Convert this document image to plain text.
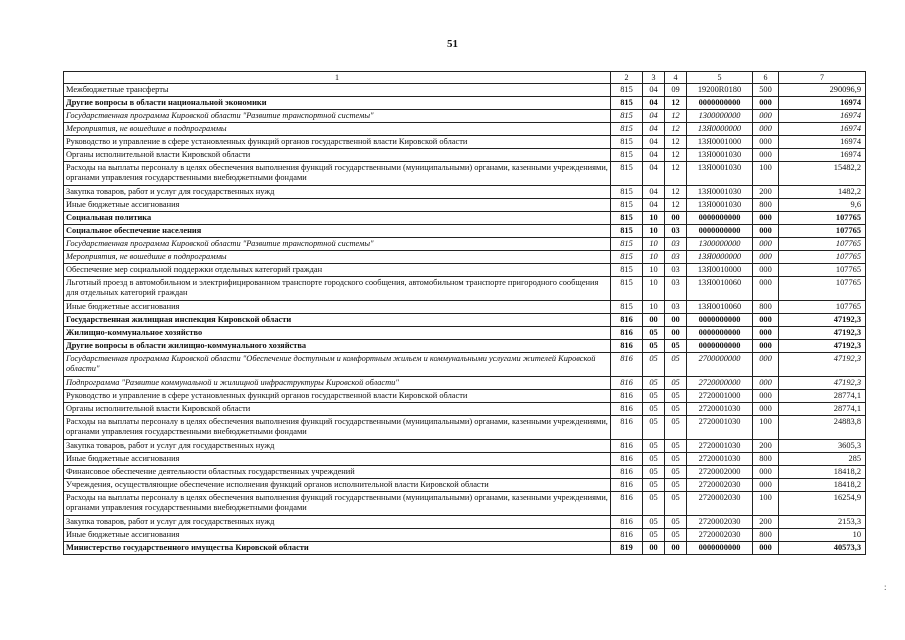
51
1	2	3	4	5	6	7
Межбюджетные трансферты	815	04	09	19200R0180	500	290096,9
Другие вопросы в области национальной экономики	815	04	12	0000000000	000	16974
Государственная программа Кировской области "Развитие транспортной системы"	815	04	12	1300000000	000	16974
Мероприятия, не вошедшие в подпрограммы	815	04	12	13Я0000000	000	16974
Руководство и управление в сфере установленных функций органов государственной власти Кировской области	815	04	12	13Я0001000	000	16974
Органы исполнительной власти Кировской области	815	04	12	13Я0001030	000	16974
Расходы на выплаты персоналу в целях обеспечения выполнения функций государственными (муниципальными) органами, казенными учреждениями, органами управления государственными внебюджетными фондами	815	04	12	13Я0001030	100	15482,2
Закупка товаров, работ и услуг для государственных нужд	815	04	12	13Я0001030	200	1482,2
Иные бюджетные ассигнования	815	04	12	13Я0001030	800	9,6
Социальная политика	815	10	00	0000000000	000	107765
Социальное обеспечение населения	815	10	03	0000000000	000	107765
Государственная программа Кировской области "Развитие транспортной системы"	815	10	03	1300000000	000	107765
Мероприятия, не вошедшие в подпрограммы	815	10	03	13Я0000000	000	107765
Обеспечение мер социальной поддержки отдельных категорий граждан	815	10	03	13Я0010000	000	107765
Льготный проезд в автомобильном и электрифицированном транспорте городского сообщения, автомобильном транспорте пригородного сообщения для отдельных категорий граждан	815	10	03	13Я0010060	000	107765
Иные бюджетные ассигнования	815	10	03	13Я0010060	800	107765
Государственная жилищная инспекция Кировской области	816	00	00	0000000000	000	47192,3
Жилищно-коммунальное хозяйство	816	05	00	0000000000	000	47192,3
Другие вопросы в области жилищно-коммунального хозяйства	816	05	05	0000000000	000	47192,3
Государственная программа Кировской области "Обеспечение доступным и комфортным жильем и коммунальными услугами жителей Кировской области"	816	05	05	2700000000	000	47192,3
Подпрограмма "Развитие коммунальной и жилищной инфраструктуры Кировской области"	816	05	05	2720000000	000	47192,3
Руководство и управление в сфере установленных функций органов государственной власти Кировской области	816	05	05	2720001000	000	28774,1
Органы исполнительной власти Кировской области	816	05	05	2720001030	000	28774,1
Расходы на выплаты персоналу в целях обеспечения выполнения функций государственными (муниципальными) органами, казенными учреждениями, органами управления государственными внебюджетными фондами	816	05	05	2720001030	100	24883,8
Закупка товаров, работ и услуг для государственных нужд	816	05	05	2720001030	200	3605,3
Иные бюджетные ассигнования	816	05	05	2720001030	800	285
Финансовое обеспечение деятельности областных государственных учреждений	816	05	05	2720002000	000	18418,2
Учреждения, осуществляющие обеспечение исполнения функций органов исполнительной власти Кировской области	816	05	05	2720002030	000	18418,2
Расходы на выплаты персоналу в целях обеспечения выполнения функций государственными (муниципальными) органами, казенными учреждениями, органами управления государственными внебюджетными фондами	816	05	05	2720002030	100	16254,9
Закупка товаров, работ и услуг для государственных нужд	816	05	05	2720002030	200	2153,3
Иные бюджетные ассигнования	816	05	05	2720002030	800	10
Министерство государственного имущества Кировской области	819	00	00	0000000000	000	40573,3
:
